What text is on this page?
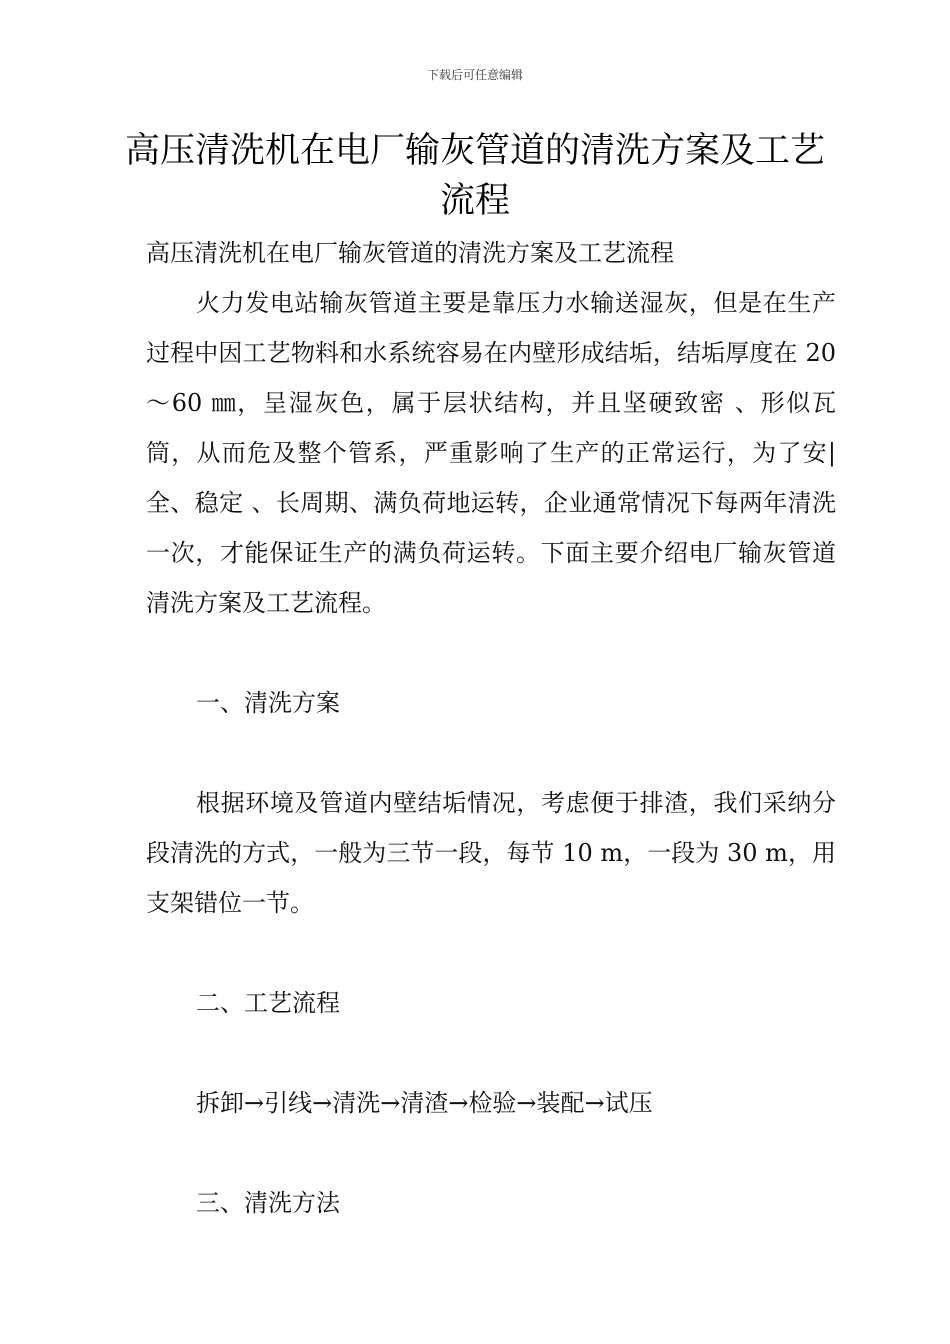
下载后可任意编辑
高压清洗机在电厂输灰管道的清洗方案及工艺流程

高压清洗机在电厂输灰管道的清洗方案及工艺流程

火力发电站输灰管道主要是靠压力水输送湿灰，但是在生产过程中因工艺物料和水系统容易在内壁形成结垢，结垢厚度在 20～60 ㎜，呈湿灰色，属于层状结构，并且坚硬致密 、形似瓦筒，从而危及整个管系，严重影响了生产的正常运行，为了安|全、稳定 、长周期、满负荷地运转，企业通常情况下每两年清洗一次，才能保证生产的满负荷运转。下面主要介绍电厂输灰管道清洗方案及工艺流程。

一、清洗方案

根据环境及管道内壁结垢情况，考虑便于排渣，我们采纳分段清洗的方式，一般为三节一段，每节 10 m，一段为 30 m，用支架错位一节。

二、工艺流程

拆卸→引线→清洗→清渣→检验→装配→试压

三、清洗方法
